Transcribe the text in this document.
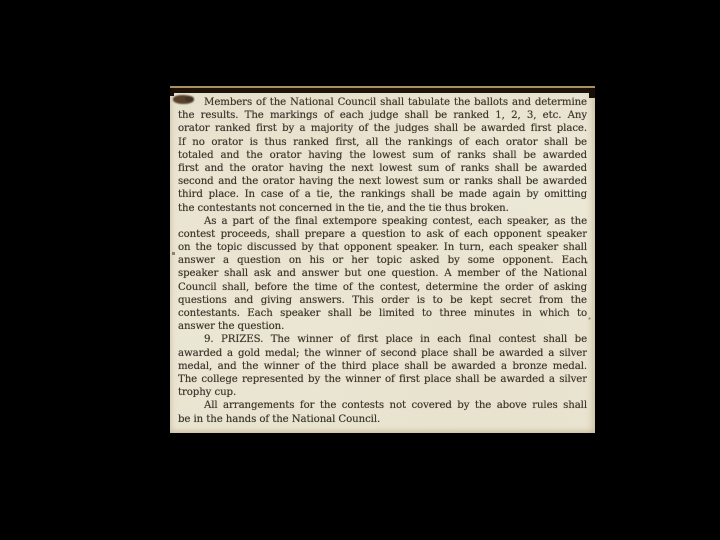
Members of the National Council shall tabulate the ballots and determine
the results. The markings of each judge shall be ranked 1, 2, 3, etc. Any
orator ranked first by a majority of the judges shall be awarded first place.
If no orator is thus ranked first, all the rankings of each orator shall be
totaled and the orator having the lowest sum of ranks shall be awarded
first and the orator having the next lowest sum of ranks shall be awarded
second and the orator having the next lowest sum or ranks shall be awarded
third place. In case of a tie, the rankings shall be made again by omitting
the contestants not concerned in the tie, and the tie thus broken.
As a part of the final extempore speaking contest, each speaker, as the
contest proceeds, shall prepare a question to ask of each opponent speaker
on the topic discussed by that opponent speaker. In turn, each speaker shall
answer a question on his or her topic asked by some opponent. Each
speaker shall ask and answer but one question. A member of the National
Council shall, before the time of the contest, determine the order of asking
questions and giving answers. This order is to be kept secret from the
contestants. Each speaker shall be limited to three minutes in which to
answer the question.
9. PRIZES. The winner of first place in each final contest shall be
awarded a gold medal; the winner of second place shall be awarded a silver
medal, and the winner of the third place shall be awarded a bronze medal.
The college represented by the winner of first place shall be awarded a silver
trophy cup.
All arrangements for the contests not covered by the above rules shall
be in the hands of the National Council.
